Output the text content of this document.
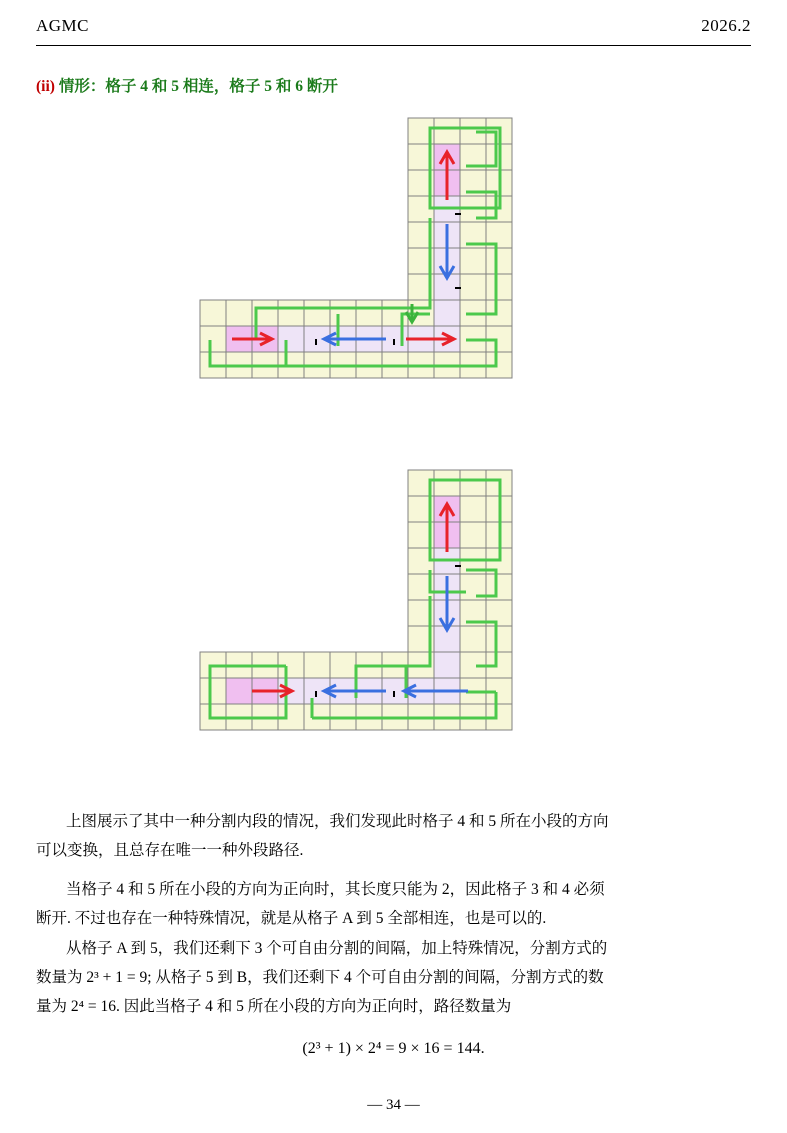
AGMC	2026.2
(ii) 情形：格子 4 和 5 相连，格子 5 和 6 断开
上图展示了其中一种分割内段的情况，我们发现此时格子 4 和 5 所在小段的方向
可以变换，且总存在唯一一种外段路径.
当格子 4 和 5 所在小段的方向为正向时，其长度只能为 2，因此格子 3 和 4 必须
断开. 不过也存在一种特殊情况，就是从格子 A 到 5 全部相连，也是可以的.
从格子 A 到 5，我们还剩下 3 个可自由分割的间隔，加上特殊情况，分割方式的
数量为 2³ + 1 = 9; 从格子 5 到 B，我们还剩下 4 个可自由分割的间隔，分割方式的数
量为 2⁴ = 16. 因此当格子 4 和 5 所在小段的方向为正向时，路径数量为
(2³ + 1) × 2⁴ = 9 × 16 = 144.
— 34 —
